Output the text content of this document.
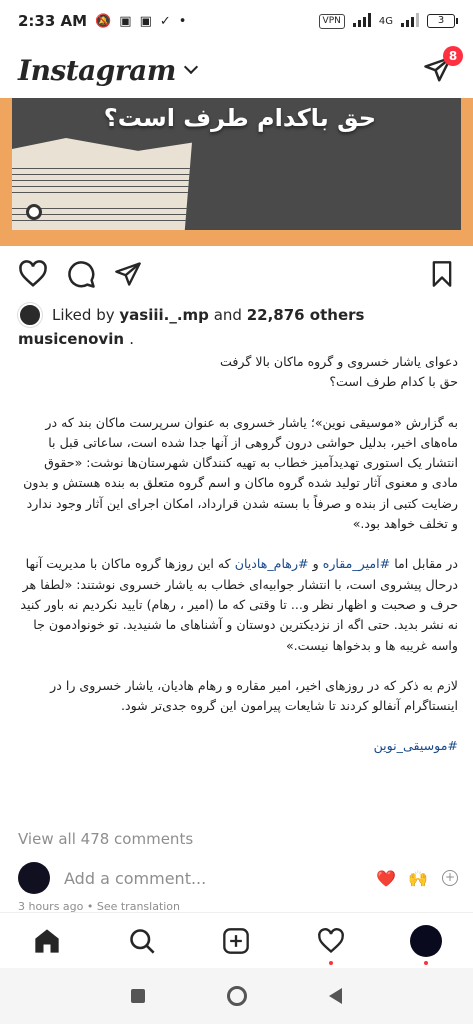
2:33 AM 🔕 ▣ ▣ ✓ •	VPN	4G	3
Instagram	8
حق باکدام طرف است؟
Liked by yasiii._.mp and 22,876 others
musicenovin .

دعوای یاشار خسروی و گروه ماکان بالا گرفت
حق با کدام طرف است؟

به گزارش «موسیقی نوین»؛ یاشار خسروی به عنوان سرپرست ماکان بند که در ماه‌های اخیر، بدلیل حواشی درون گروهی از آنها جدا شده است، ساعاتی قبل با انتشار یک استوری تهدیدآمیز خطاب به تهیه کنندگان شهرستان‌ها نوشت: «حقوق مادی و معنوی آثار تولید شده گروه ماکان و اسم گروه متعلق به بنده هستش و بدون رضایت کتبی از بنده و صرفاً با بسته شدن قرارداد، امکان اجرای این آثار وجود ندارد و تخلف خواهد بود.»

در مقابل اما #امیر_مقاره و #رهام_هادیان که این روزها گروه ماکان با مدیریت آنها درحال پیشروی است، با انتشار جوابیه‌ای خطاب به یاشار خسروی نوشتند: «لطفا هر حرف و صحبت و اظهار نظر و... تا وقتی که ما (امیر ، رهام) تایید نکردیم نه باور کنید نه نشر بدید. حتی اگه از نزدیکترین دوستان و آشناهای ما شنیدید. تو خونوادمون جا واسه غریبه ها و بدخواها نیست.»

لازم به ذکر که در روزهای اخیر، امیر مقاره و رهام هادیان، یاشار خسروی را در اینستاگرام آنفالو کردند تا شایعات پیرامون این گروه جدی‌تر شود.

#موسیقی_نوین

View all 478 comments
Add a comment...	❤️ 🙌 +
3 hours ago • See translation
